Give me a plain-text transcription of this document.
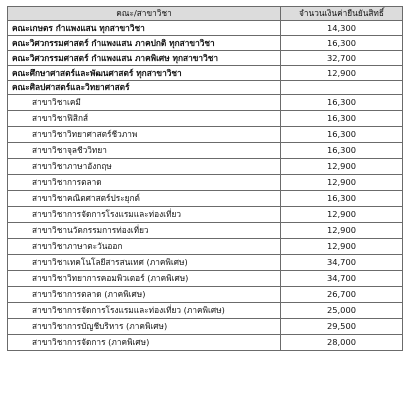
คณะ/สาขาวิชา	จำนวนเงินค่ายืนยันสิทธิ์
คณะเกษตร กำแพงแสน ทุกสาขาวิชา	14,300
คณะวิศวกรรมศาสตร์ กำแพงแสน ภาคปกติ ทุกสาขาวิชา	16,300
คณะวิศวกรรมศาสตร์ กำแพงแสน ภาคพิเศษ ทุกสาขาวิชา	32,700
คณะศึกษาศาสตร์และพัฒนศาสตร์ ทุกสาขาวิชา	12,900
คณะศิลปศาสตร์และวิทยาศาสตร์	
สาขาวิชาเคมี	16,300
สาขาวิชาฟิสิกส์	16,300
สาขาวิชาวิทยาศาสตร์ชีวภาพ	16,300
สาขาวิชาจุลชีววิทยา	16,300
สาขาวิชาภาษาอังกฤษ	12,900
สาขาวิชาการตลาด	12,900
สาขาวิชาคณิตศาสตร์ประยุกต์	16,300
สาขาวิชาการจัดการโรงแรมและท่องเที่ยว	12,900
สาขาวิชานวัตกรรมการท่องเที่ยว	12,900
สาขาวิชาภาษาตะวันออก	12,900
สาขาวิชาเทคโนโลยีสารสนเทศ (ภาคพิเศษ)	34,700
สาขาวิชาวิทยาการคอมพิวเตอร์ (ภาคพิเศษ)	34,700
สาขาวิชาการตลาด (ภาคพิเศษ)	26,700
สาขาวิชาการจัดการโรงแรมและท่องเที่ยว (ภาคพิเศษ)	25,000
สาขาวิชาการบัญชีบริหาร (ภาคพิเศษ)	29,500
สาขาวิชาการจัดการ (ภาคพิเศษ)	28,000
